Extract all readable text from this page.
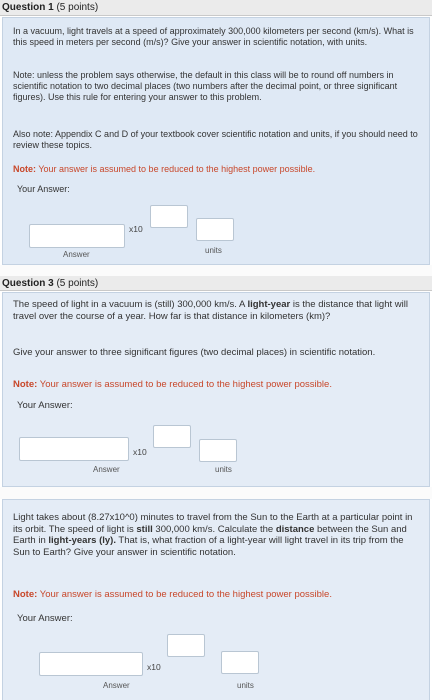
Question 1 (5 points)
In a vacuum, light travels at a speed of approximately 300,000 kilometers per second (km/s). What is this speed in meters per second (m/s)? Give your answer in scientific notation, with units.
Note: unless the problem says otherwise, the default in this class will be to round off numbers in scientific notation to two decimal places (two numbers after the decimal point, or three significant figures). Use this rule for entering your answer to this problem.
Also note: Appendix C and D of your textbook cover scientific notation and units, if you should need to review these topics.
Note: Your answer is assumed to be reduced to the highest power possible.
Your Answer:
x10
Answer	units
Question 3 (5 points)
The speed of light in a vacuum is (still) 300,000 km/s. A light-year is the distance that light will travel over the course of a year. How far is that distance in kilometers (km)?
Give your answer to three significant figures (two decimal places) in scientific notation.
Note: Your answer is assumed to be reduced to the highest power possible.
Your Answer:
x10
Answer	units
Light takes about (8.27x10^0) minutes to travel from the Sun to the Earth at a particular point in its orbit. The speed of light is still 300,000 km/s. Calculate the distance between the Sun and Earth in light-years (ly). That is, what fraction of a light-year will light travel in its trip from the Sun to Earth? Give your answer in scientific notation.
Note: Your answer is assumed to be reduced to the highest power possible.
Your Answer:
x10
Answer	units
